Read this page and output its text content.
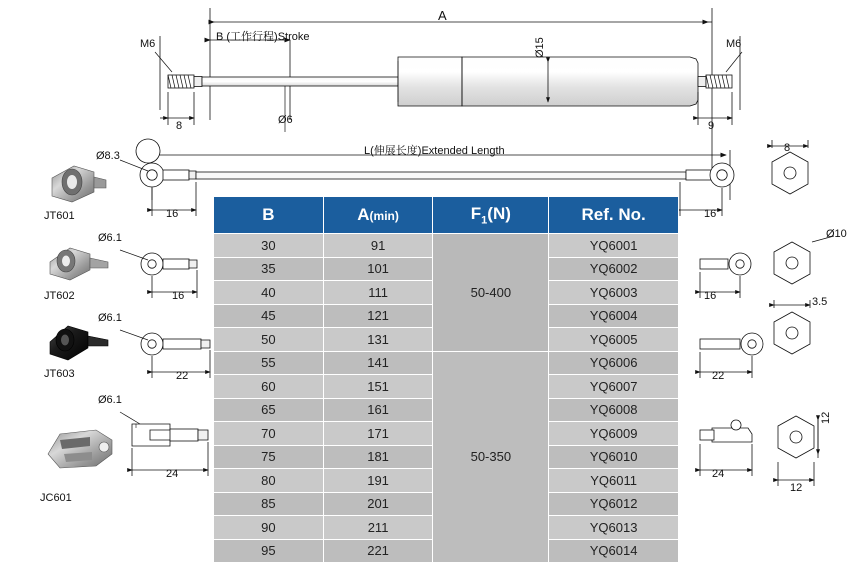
A
B (工作行程)Stroke
L(伸展长度)Extended Length
M6	M6
Ø6
Ø15
8	9
Ø8.3
Ø6.1
Ø6.1
Ø6.1
16
16
22
24
8
16
Ø10
16	3.5
22
24
12
12
JT601
JT602
JT603
JC601
B	A(min)	$F_1(N)$	Ref. No.
30	91	50-400	YQ6001
35	101		YQ6002
40	111		YQ6003
45	121		YQ6004
50	131		YQ6005
55	141	50-350	YQ6006
60	151		YQ6007
65	161		YQ6008
70	171		YQ6009
75	181		YQ6010
80	191		YQ6011
85	201		YQ6012
90	211		YQ6013
95	221		YQ6014
